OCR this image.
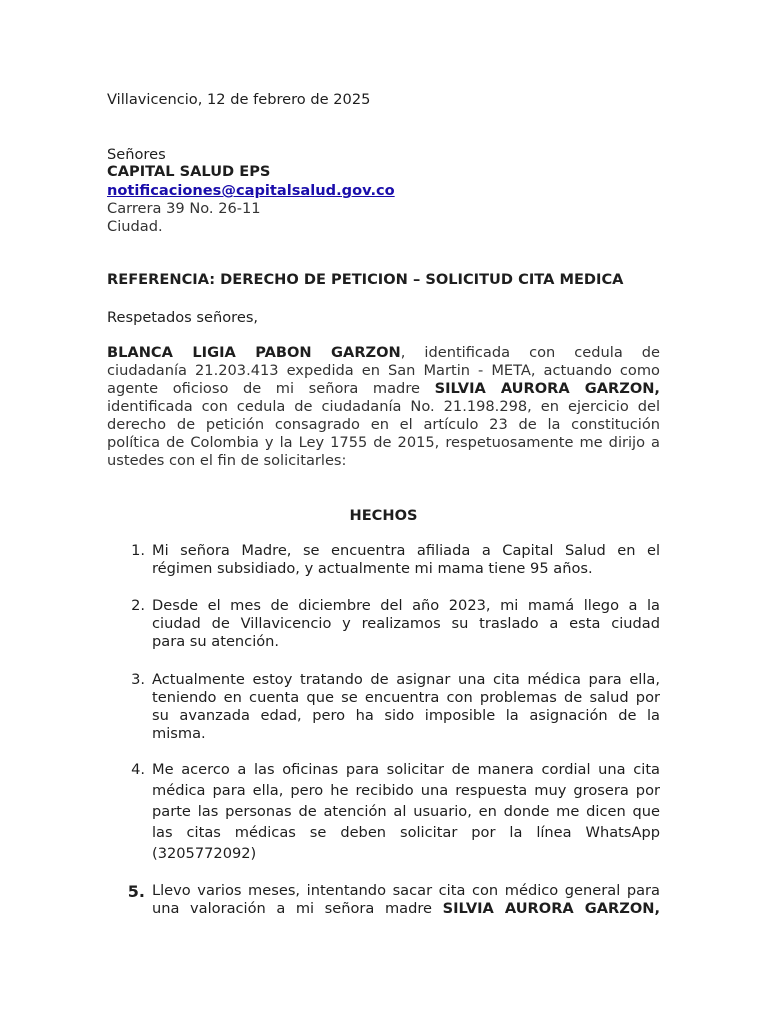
Villavicencio, 12 de febrero de 2025
Señores
CAPITAL SALUD EPS
notificaciones@capitalsalud.gov.co
Carrera 39 No. 26-11
Ciudad.
REFERENCIA: DERECHO DE PETICION – SOLICITUD CITA MEDICA
Respetados señores,
BLANCA LIGIA PABON GARZON, identificada con cedula de
ciudadanía 21.203.413 expedida en San Martin - META, actuando como
agente oficioso de mi señora madre SILVIA AURORA GARZON,
identificada con cedula de ciudadanía No. 21.198.298, en ejercicio del
derecho de petición consagrado en el artículo 23 de la constitución
política de Colombia y la Ley 1755 de 2015, respetuosamente me dirijo a
ustedes con el fin de solicitarles:
HECHOS
1. Mi señora Madre, se encuentra afiliada a Capital Salud en el
régimen subsidiado, y actualmente mi mama tiene 95 años.
2. Desde el mes de diciembre del año 2023, mi mamá llego a la
ciudad de Villavicencio y realizamos su traslado a esta ciudad
para su atención.
3. Actualmente estoy tratando de asignar una cita médica para ella,
teniendo en cuenta que se encuentra con problemas de salud por
su avanzada edad, pero ha sido imposible la asignación de la
misma.
4. Me acerco a las oficinas para solicitar de manera cordial una cita
médica para ella, pero he recibido una respuesta muy grosera por
parte las personas de atención al usuario, en donde me dicen que
las citas médicas se deben solicitar por la línea WhatsApp
(3205772092)
5. Llevo varios meses, intentando sacar cita con médico general para
una valoración a mi señora madre SILVIA AURORA GARZON,
